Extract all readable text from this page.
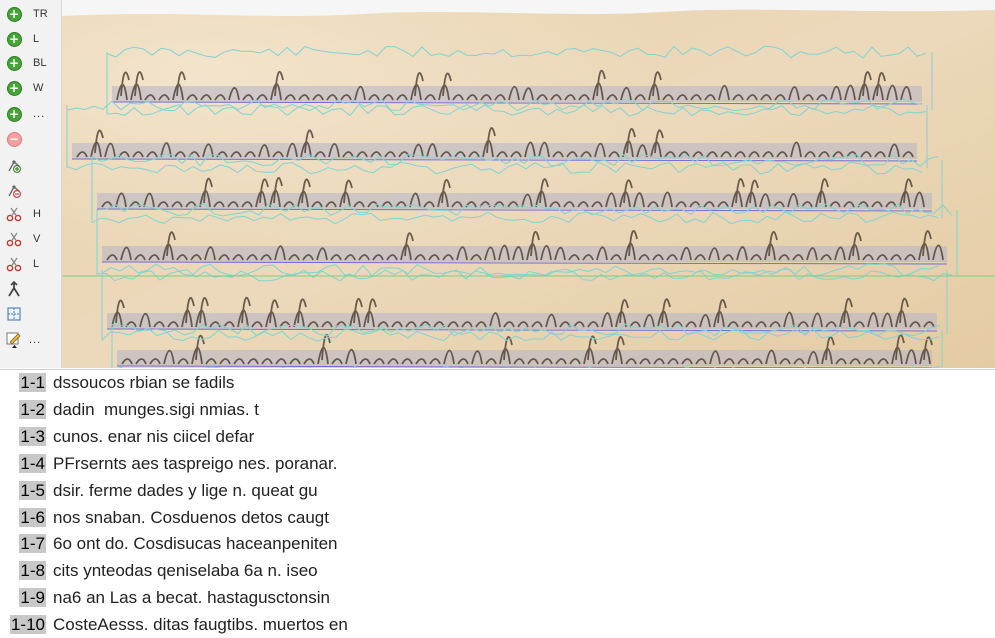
+ TR
+ L
+ BL
+ W
+ ...
−
H
V
L
...
1-1 dssoucos rbian se fadils
1-2 dadin  munges.sigi nmias. t
1-3 cunos. enar nis ciicel defar
1-4 PFrsernts aes taspreigo nes. poranar.
1-5 dsir. ferme dades y lige n. queat gu
1-6 nos snaban. Cosduenos detos caugt
1-7 6o ont do. Cosdisucas haceanpeniten
1-8 cits ynteodas qeniselaba 6a n. iseo
1-9 na6 an Las a becat. hastagusctonsin
1-10 CosteAesss. ditas faugtibs. muertos en
